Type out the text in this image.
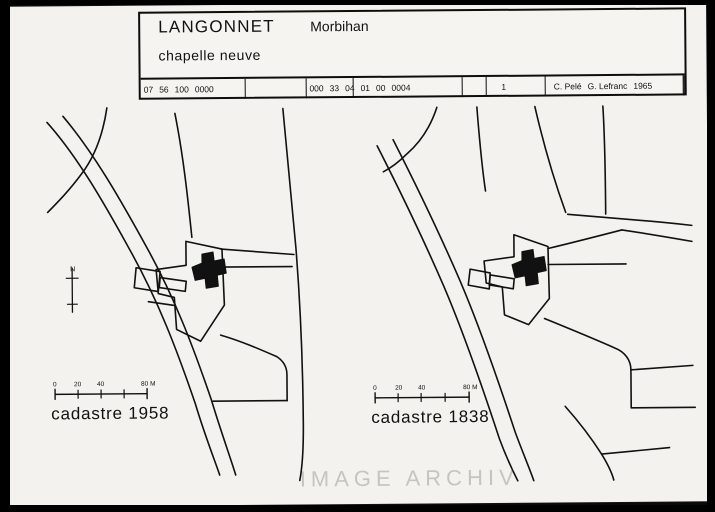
LANGONNET	Morbihan
chapelle neuve
07 56 100 0000	000 33 04 01 00 0004	1	C. Pelé G. Lefranc 1965
cadastre 1958	cadastre 1838
0	20 40	80 M
0	20 40	80 M
N
IMAGE ARCHIV
